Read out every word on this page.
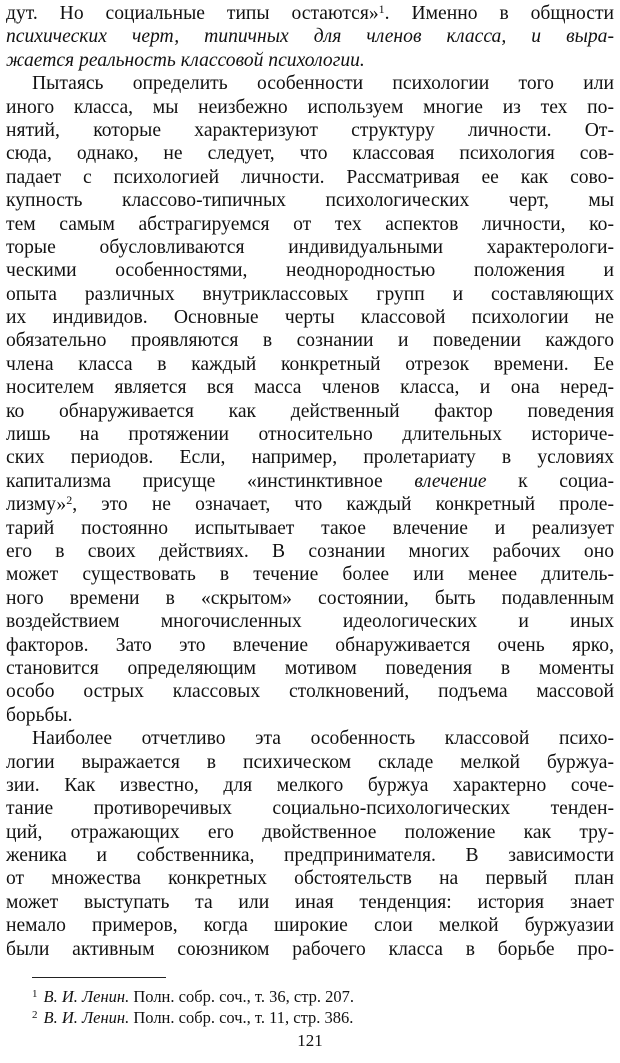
дут. Но социальные типы остаются»$^1$. Именно в общности
психических черт, типичных для членов класса, и выра-
жается реальность классовой психологии.
Пытаясь определить особенности психологии того или
иного класса, мы неизбежно используем многие из тех по-
нятий, которые характеризуют структуру личности. От-
сюда, однако, не следует, что классовая психология сов-
падает с психологией личности. Рассматривая ее как сово-
купность классово-типичных психологических черт, мы
тем самым абстрагируемся от тех аспектов личности, ко-
торые обусловливаются индивидуальными характерологи-
ческими особенностями, неоднородностью положения и
опыта различных внутриклассовых групп и составляющих
их индивидов. Основные черты классовой психологии не
обязательно проявляются в сознании и поведении каждого
члена класса в каждый конкретный отрезок времени. Ее
носителем является вся масса членов класса, и она неред-
ко обнаруживается как действенный фактор поведения
лишь на протяжении относительно длительных историче-
ских периодов. Если, например, пролетариату в условиях
капитализма присуще «инстинктивное влечение к социа-
лизму»$^2$, это не означает, что каждый конкретный проле-
тарий постоянно испытывает такое влечение и реализует
его в своих действиях. В сознании многих рабочих оно
может существовать в течение более или менее длитель-
ного времени в «скрытом» состоянии, быть подавленным
воздействием многочисленных идеологических и иных
факторов. Зато это влечение обнаруживается очень ярко,
становится определяющим мотивом поведения в моменты
особо острых классовых столкновений, подъема массовой
борьбы.
Наиболее отчетливо эта особенность классовой психо-
логии выражается в психическом складе мелкой буржуа-
зии. Как известно, для мелкого буржуа характерно соче-
тание противоречивых социально-психологических тенден-
ций, отражающих его двойственное положение как тру-
женика и собственника, предпринимателя. В зависимости
от множества конкретных обстоятельств на первый план
может выступать та или иная тенденция: история знает
немало примеров, когда широкие слои мелкой буржуазии
были активным союзником рабочего класса в борьбе про-
$^1$ В. И. Ленин. Полн. собр. соч., т. 36, стр. 207.
$^2$ В. И. Ленин. Полн. собр. соч., т. 11, стр. 386.
121
